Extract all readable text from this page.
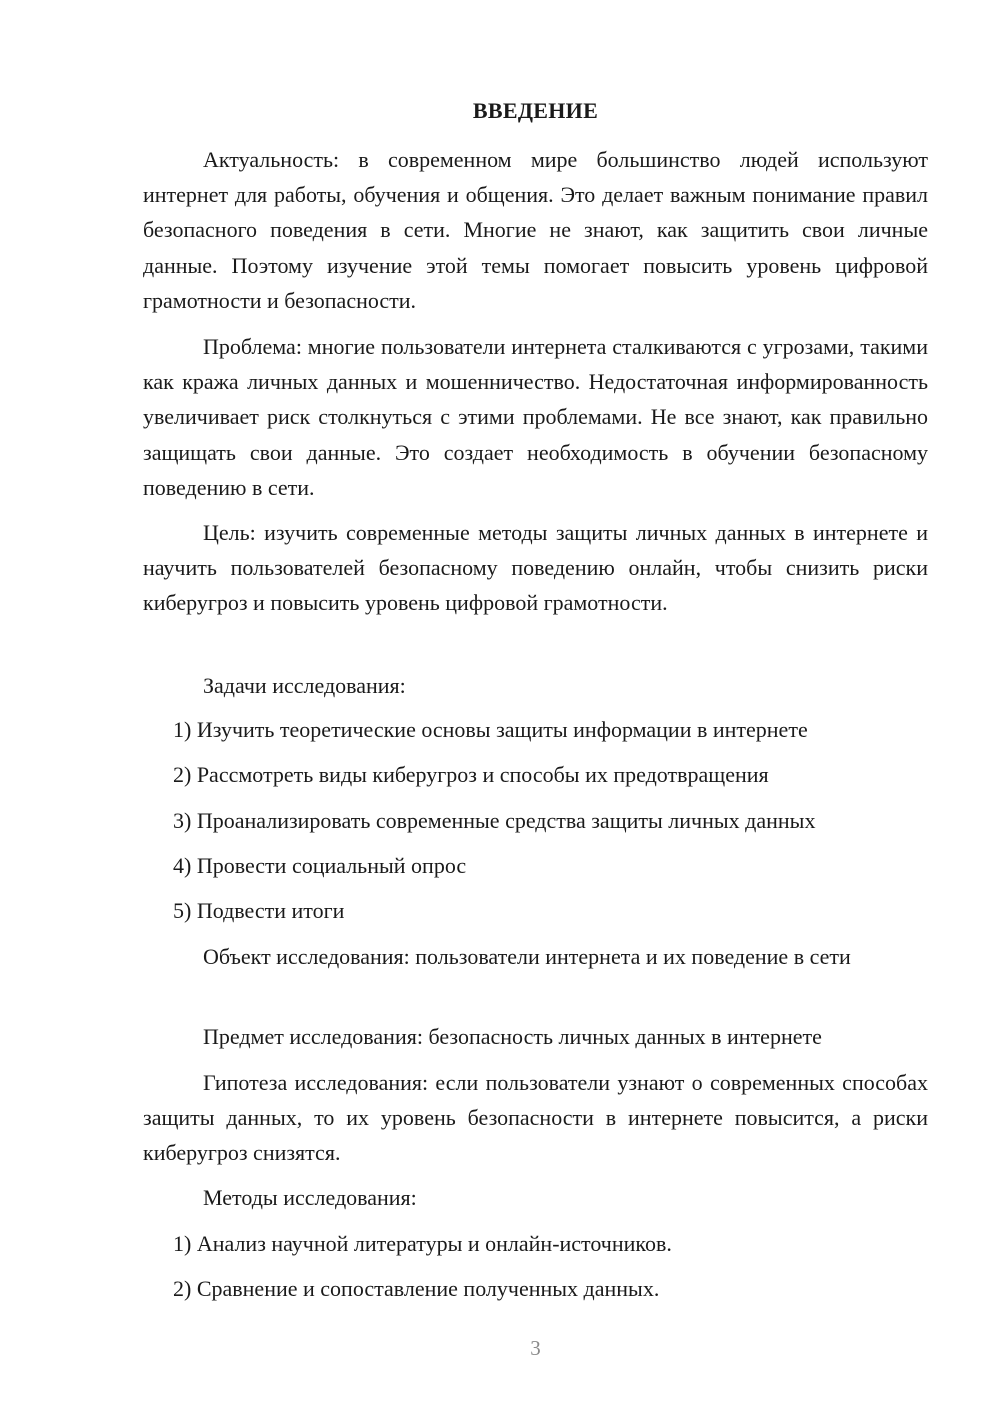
ВВЕДЕНИЕ

Актуальность: в современном мире большинство людей используют интернет для работы, обучения и общения. Это делает важным понимание правил безопасного поведения в сети. Многие не знают, как защитить свои личные данные. Поэтому изучение этой темы помогает повысить уровень цифровой грамотности и безопасности.

Проблема: многие пользователи интернета сталкиваются с угрозами, такими как кража личных данных и мошенничество. Недостаточная информированность увеличивает риск столкнуться с этими проблемами. Не все знают, как правильно защищать свои данные. Это создает необходимость в обучении безопасному поведению в сети.

Цель: изучить современные методы защиты личных данных в интернете и научить пользователей безопасному поведению онлайн, чтобы снизить риски киберугроз и повысить уровень цифровой грамотности.

Задачи исследования:

1) Изучить теоретические основы защиты информации в интернете

2) Рассмотреть виды киберугроз и способы их предотвращения

3) Проанализировать современные средства защиты личных данных

4) Провести социальный опрос

5) Подвести итоги

Объект исследования: пользователи интернета и их поведение в сети

Предмет исследования: безопасность личных данных в интернете

Гипотеза исследования: если пользователи узнают о современных способах защиты данных, то их уровень безопасности в интернете повысится, а риски киберугроз снизятся.

Методы исследования:

1) Анализ научной литературы и онлайн-источников.

2) Сравнение и сопоставление полученных данных.

3
